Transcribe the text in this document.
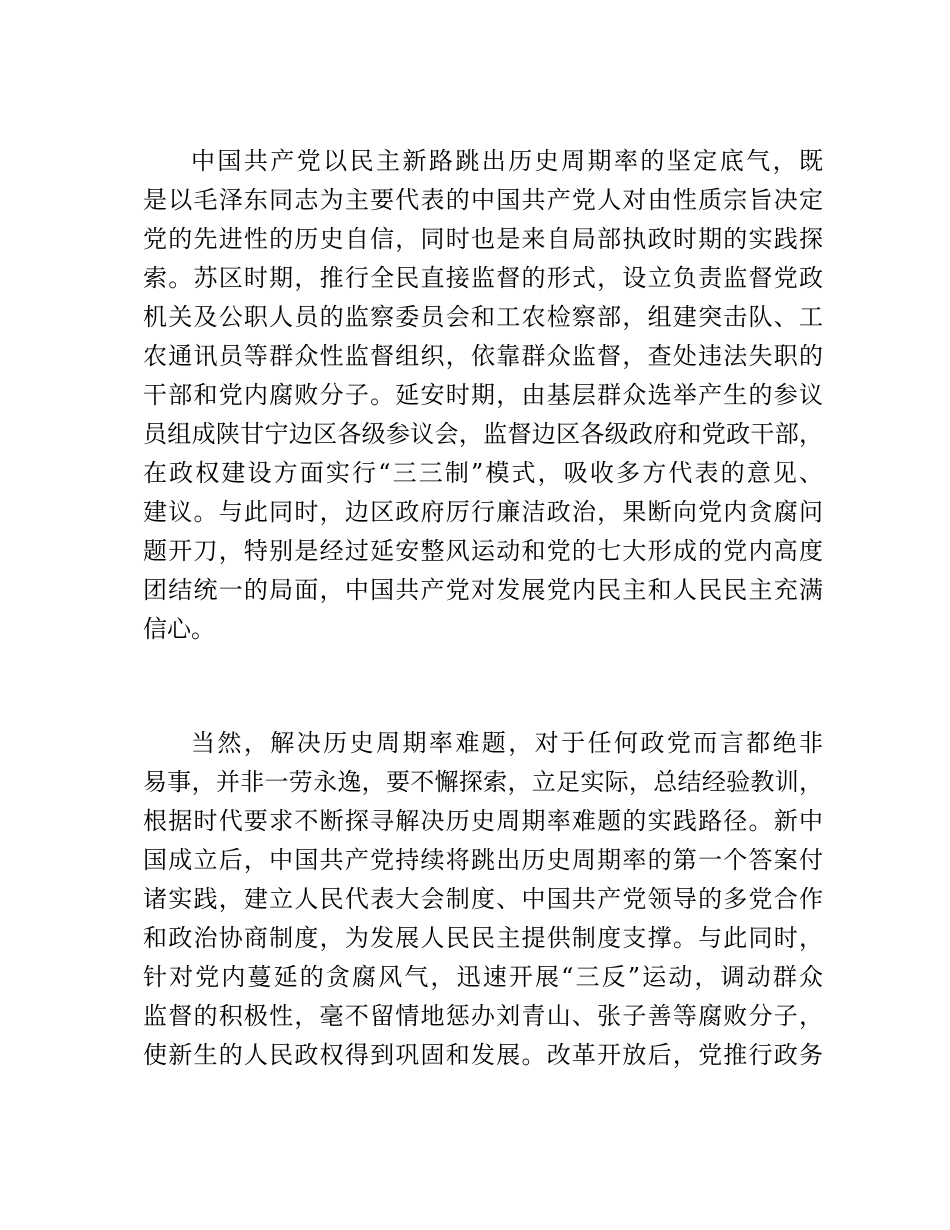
中国共产党以民主新路跳出历史周期率的坚定底气，既
是以毛泽东同志为主要代表的中国共产党人对由性质宗旨决定
党的先进性的历史自信，同时也是来自局部执政时期的实践探
索。苏区时期，推行全民直接监督的形式，设立负责监督党政
机关及公职人员的监察委员会和工农检察部，组建突击队、工
农通讯员等群众性监督组织，依靠群众监督，查处违法失职的
干部和党内腐败分子。延安时期，由基层群众选举产生的参议
员组成陕甘宁边区各级参议会，监督边区各级政府和党政干部，
在政权建设方面实行“三三制”模式，吸收多方代表的意见、
建议。与此同时，边区政府厉行廉洁政治，果断向党内贪腐问
题开刀，特别是经过延安整风运动和党的七大形成的党内高度
团结统一的局面，中国共产党对发展党内民主和人民民主充满
信心。
当然，解决历史周期率难题，对于任何政党而言都绝非
易事，并非一劳永逸，要不懈探索，立足实际，总结经验教训，
根据时代要求不断探寻解决历史周期率难题的实践路径。新中
国成立后，中国共产党持续将跳出历史周期率的第一个答案付
诸实践，建立人民代表大会制度、中国共产党领导的多党合作
和政治协商制度，为发展人民民主提供制度支撑。与此同时，
针对党内蔓延的贪腐风气，迅速开展“三反”运动，调动群众
监督的积极性，毫不留情地惩办刘青山、张子善等腐败分子，
使新生的人民政权得到巩固和发展。改革开放后，党推行政务
